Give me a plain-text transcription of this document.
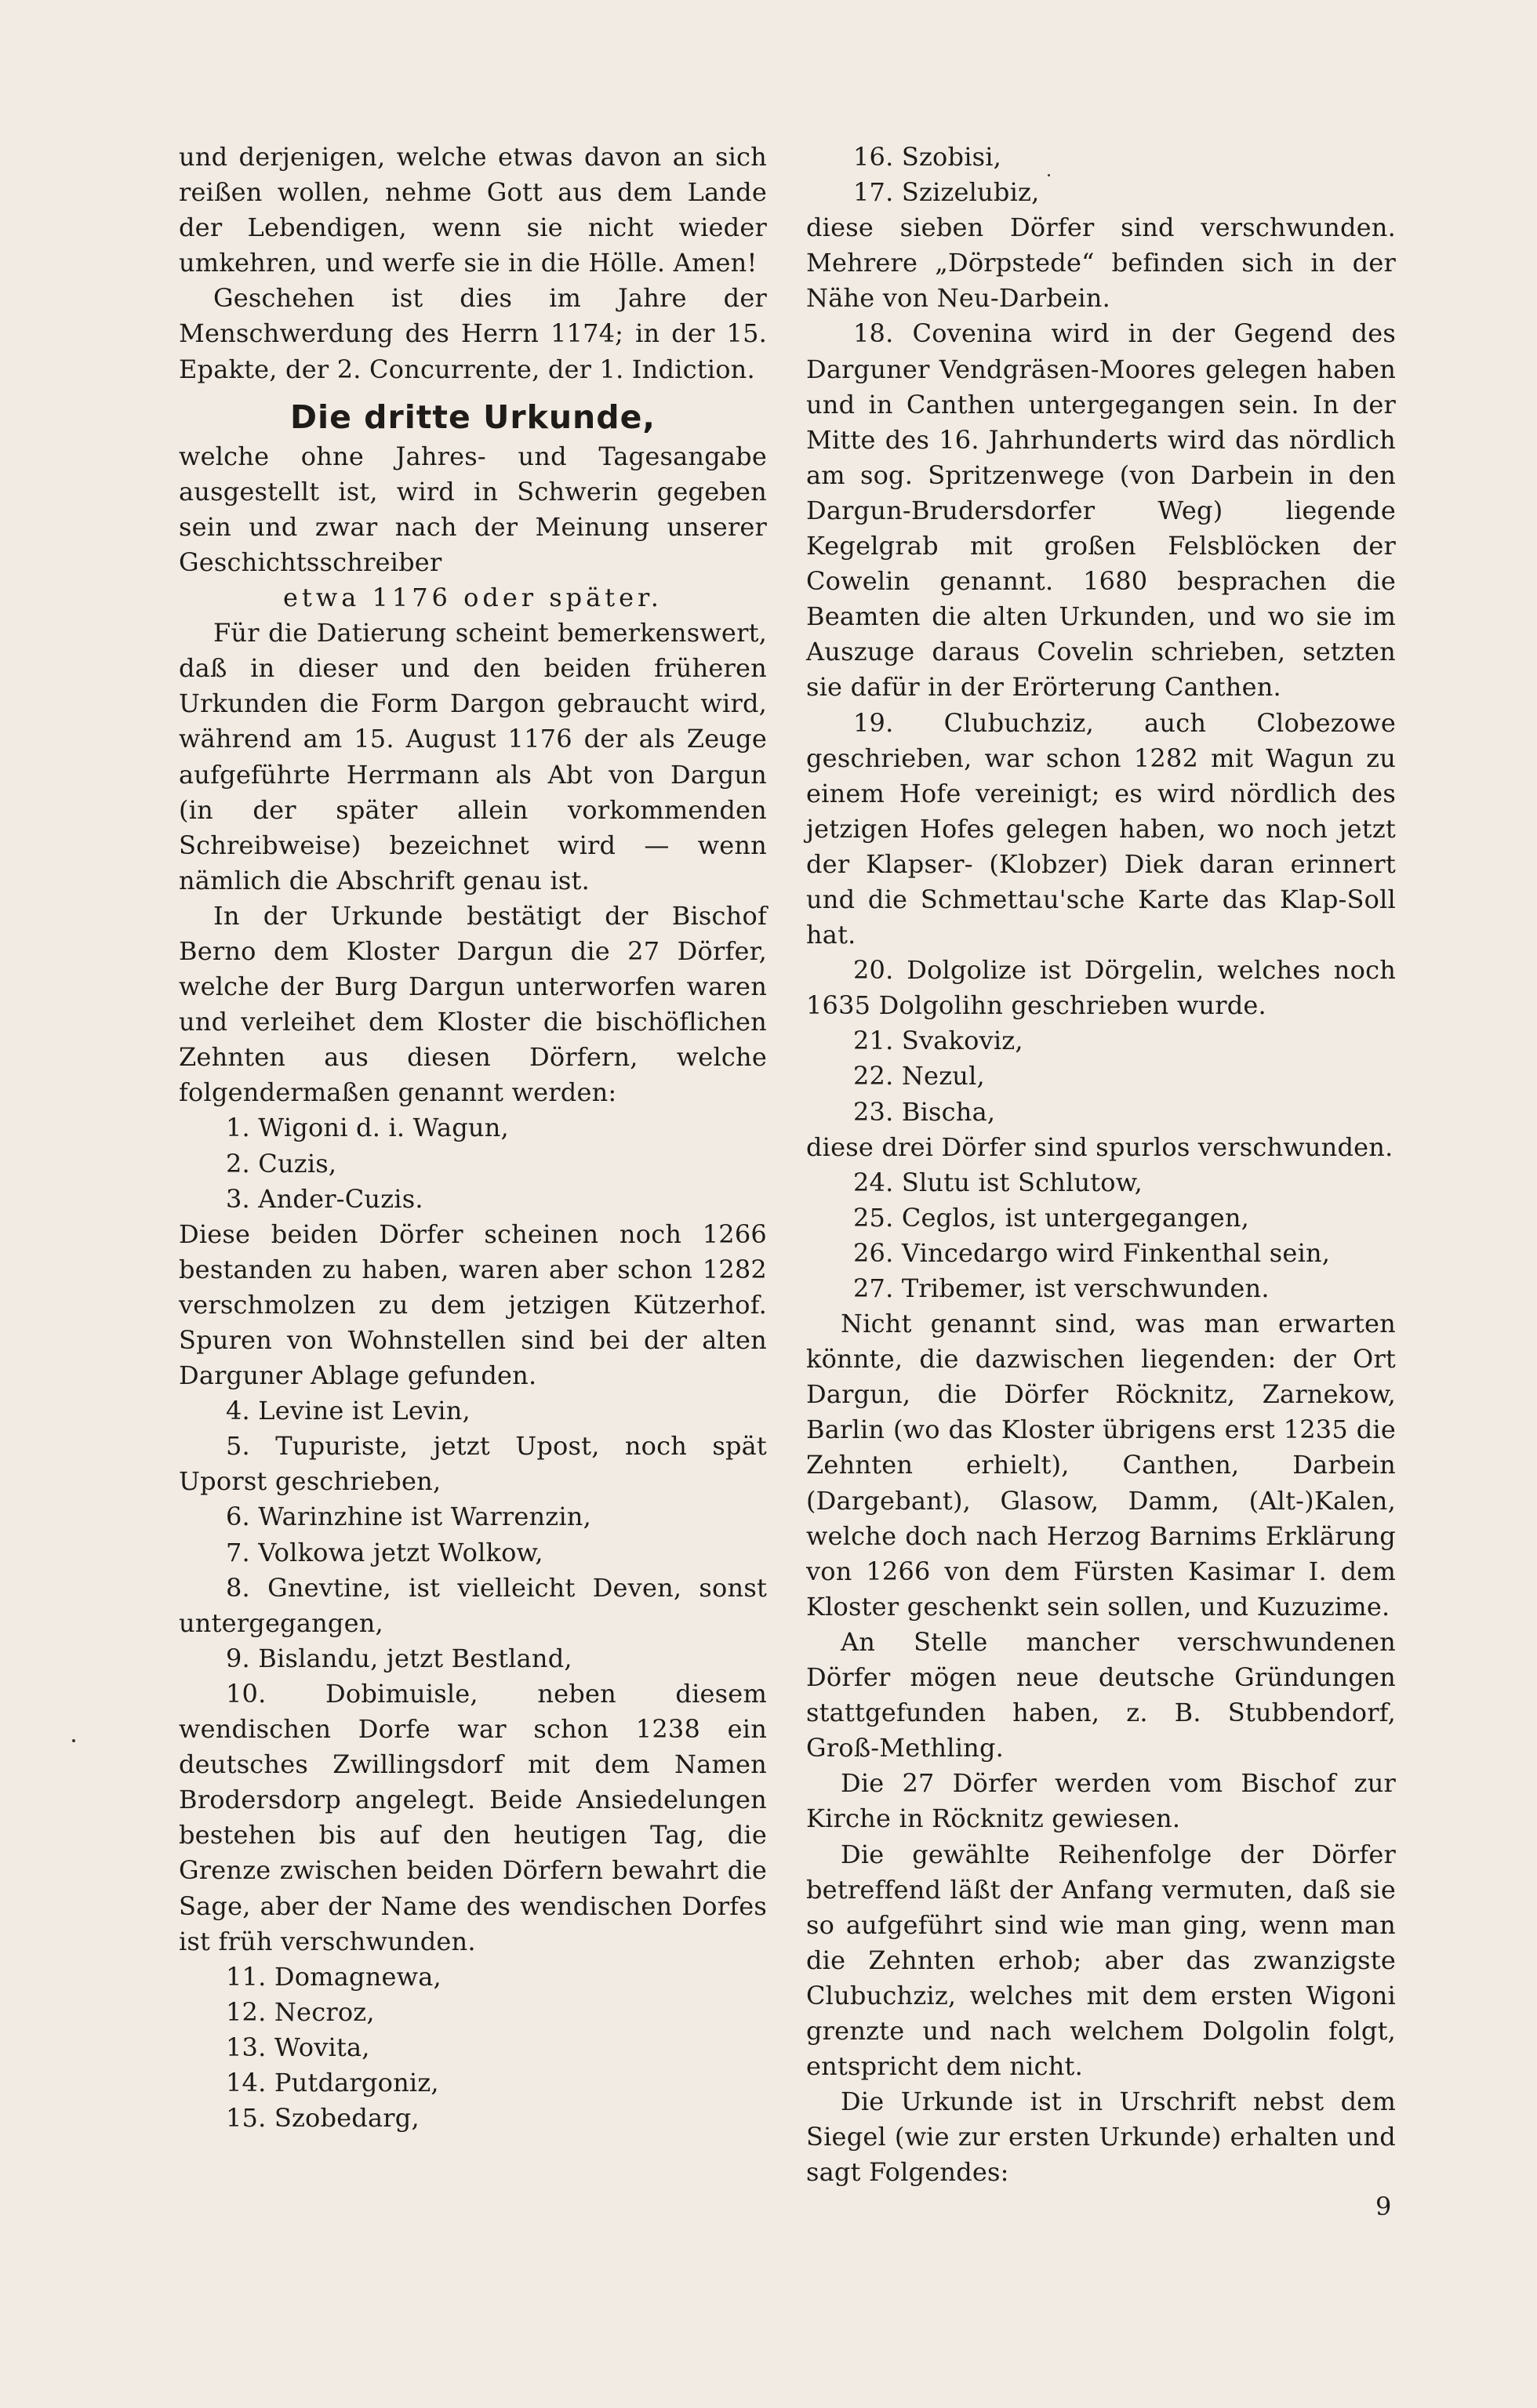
und derjenigen, welche etwas davon an sich reißen wollen, nehme Gott aus dem Lande der Lebendigen, wenn sie nicht wieder umkehren, und werfe sie in die Hölle. Amen!

Geschehen ist dies im Jahre der Menschwerdung des Herrn 1174; in der 15. Epakte, der 2. Concurrente, der 1. Indiction.

Die dritte Urkunde,

welche ohne Jahres- und Tagesangabe ausgestellt ist, wird in Schwerin gegeben sein und zwar nach der Meinung unserer Geschichtsschreiber

etwa 1176 oder später.

Für die Datierung scheint bemerkenswert, daß in dieser und den beiden früheren Urkunden die Form Dargon gebraucht wird, während am 15. August 1176 der als Zeuge aufgeführte Herrmann als Abt von Dargun (in der später allein vorkommenden Schreibweise) bezeichnet wird — wenn nämlich die Abschrift genau ist.

In der Urkunde bestätigt der Bischof Berno dem Kloster Dargun die 27 Dörfer, welche der Burg Dargun unterworfen waren und verleihet dem Kloster die bischöflichen Zehnten aus diesen Dörfern, welche folgendermaßen genannt werden:

1. Wigoni d. i. Wagun,

2. Cuzis,

3. Ander-Cuzis.

Diese beiden Dörfer scheinen noch 1266 bestanden zu haben, waren aber schon 1282 verschmolzen zu dem jetzigen Kützerhof. Spuren von Wohnstellen sind bei der alten Darguner Ablage gefunden.

4. Levine ist Levin,

5. Tupuriste, jetzt Upost, noch spät Uporst geschrieben,

6. Warinzhine ist Warrenzin,

7. Volkowa jetzt Wolkow,

8. Gnevtine, ist vielleicht Deven, sonst untergegangen,

9. Bislandu, jetzt Bestland,

10. Dobimuisle, neben diesem wendischen Dorfe war schon 1238 ein deutsches Zwillingsdorf mit dem Namen Brodersdorp angelegt. Beide Ansiedelungen bestehen bis auf den heutigen Tag, die Grenze zwischen beiden Dörfern bewahrt die Sage, aber der Name des wendischen Dorfes ist früh verschwunden.

11. Domagnewa,

12. Necroz,

13. Wovita,

14. Putdargoniz,

15. Szobedarg,

16. Szobisi,

17. Szizelubiz,

diese sieben Dörfer sind verschwunden. Mehrere „Dörpstede“ befinden sich in der Nähe von Neu-Darbein.

18. Covenina wird in der Gegend des Darguner Vendgräsen-Moores gelegen haben und in Canthen untergegangen sein. In der Mitte des 16. Jahrhunderts wird das nördlich am sog. Spritzenwege (von Darbein in den Dargun-Brudersdorfer Weg) liegende Kegelgrab mit großen Felsblöcken der Cowelin genannt. 1680 besprachen die Beamten die alten Urkunden, und wo sie im Auszuge daraus Covelin schrieben, setzten sie dafür in der Erörterung Canthen.

19. Clubuchziz, auch Clobezowe geschrieben, war schon 1282 mit Wagun zu einem Hofe vereinigt; es wird nördlich des jetzigen Hofes gelegen haben, wo noch jetzt der Klapser- (Klobzer) Diek daran erinnert und die Schmettau'sche Karte das Klap-Soll hat.

20. Dolgolize ist Dörgelin, welches noch 1635 Dolgolihn geschrieben wurde.

21. Svakoviz,

22. Nezul,

23. Bischa,

diese drei Dörfer sind spurlos verschwunden.

24. Slutu ist Schlutow,

25. Ceglos, ist untergegangen,

26. Vincedargo wird Finkenthal sein,

27. Tribemer, ist verschwunden.

Nicht genannt sind, was man erwarten könnte, die dazwischen liegenden: der Ort Dargun, die Dörfer Röcknitz, Zarnekow, Barlin (wo das Kloster übrigens erst 1235 die Zehnten erhielt), Canthen, Darbein (Dargebant), Glasow, Damm, (Alt-)Kalen, welche doch nach Herzog Barnims Erklärung von 1266 von dem Fürsten Kasimar I. dem Kloster geschenkt sein sollen, und Kuzuzime.

An Stelle mancher verschwundenen Dörfer mögen neue deutsche Gründungen stattgefunden haben, z. B. Stubbendorf, Groß-Methling.

Die 27 Dörfer werden vom Bischof zur Kirche in Röcknitz gewiesen.

Die gewählte Reihenfolge der Dörfer betreffend läßt der Anfang vermuten, daß sie so aufgeführt sind wie man ging, wenn man die Zehnten erhob; aber das zwanzigste Clubuchziz, welches mit dem ersten Wigoni grenzte und nach welchem Dolgolin folgt, entspricht dem nicht.

Die Urkunde ist in Urschrift nebst dem Siegel (wie zur ersten Urkunde) erhalten und sagt Folgendes:

9
